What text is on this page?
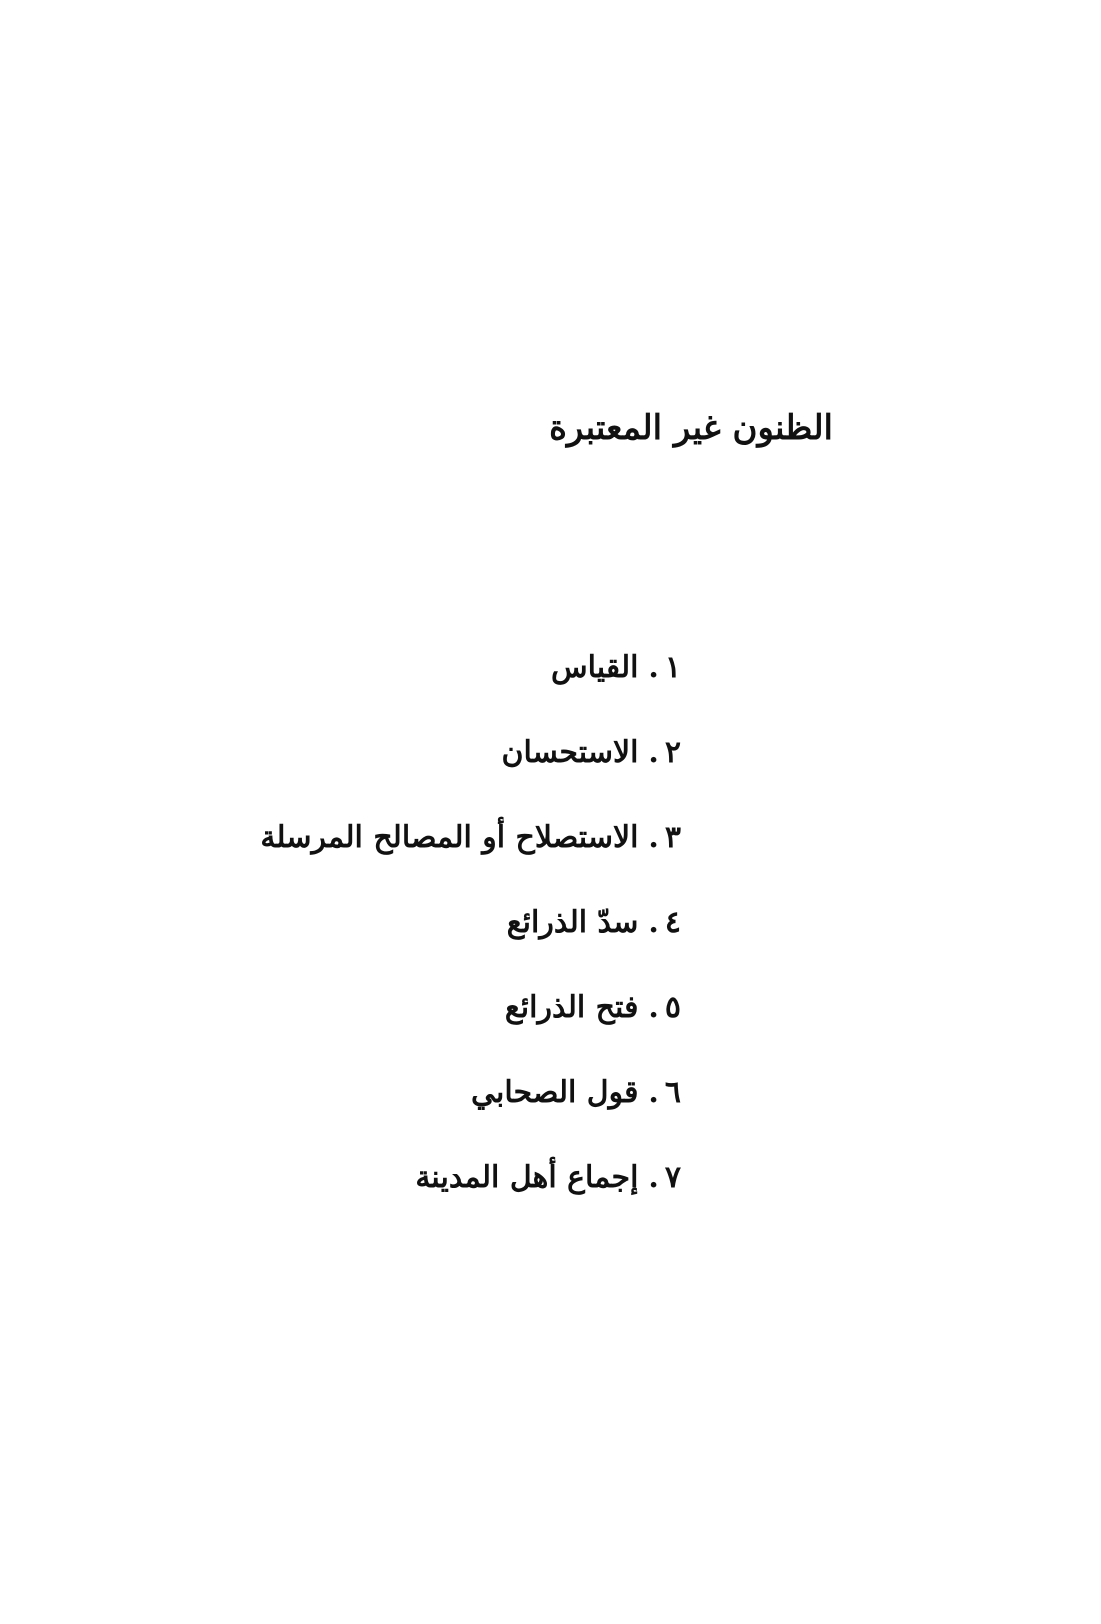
الظنون غير المعتبرة
١.القياس
٢.الاستحسان
٣.الاستصلاح أو المصالح المرسلة
٤.سدّ الذرائع
٥.فتح الذرائع
٦.قول الصحابي
٧.إجماع أهل المدينة
